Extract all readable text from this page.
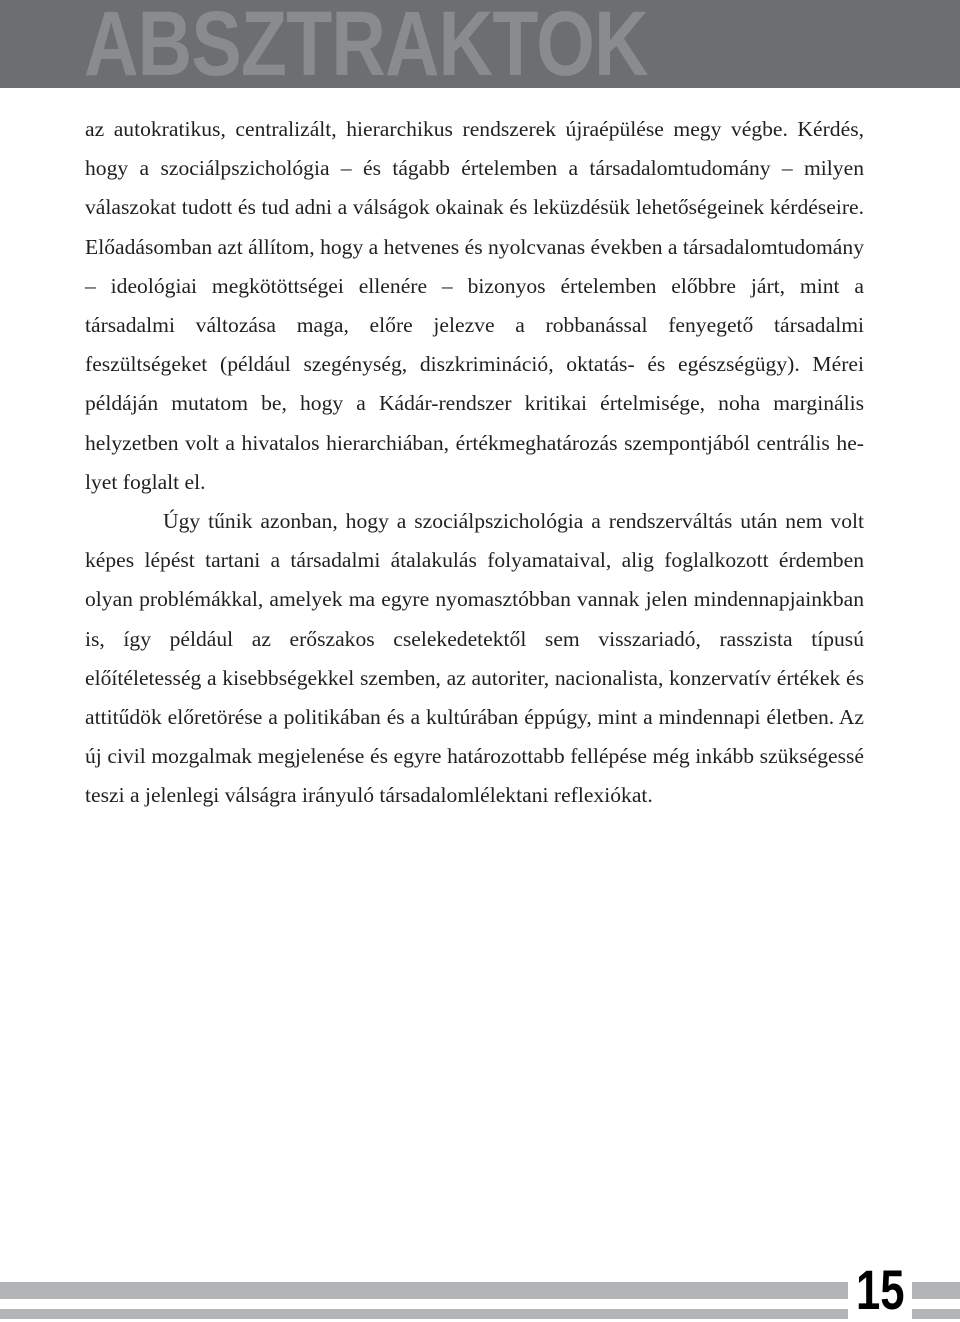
ABSZTRAKTOK

az autokratikus, centralizált, hierarchikus rendszerek újraépülése megy végbe. Kérdés, hogy a szociálpszichológia – és tágabb értelemben a társadalomtudomány – milyen válaszokat tudott és tud adni a válságok okainak és leküzdésük lehetőségeinek kérdéseire. Előadásomban azt állítom, hogy a hetvenes és nyolcvanas években a társadalomtudomány – ideológiai megkötöttségei ellenére – bizonyos értelemben előbbre járt, mint a társadalmi változása maga, előre jelezve a robbanással fenyegető társadalmi feszültségeket (például szegénység, diszkrimináció, oktatás- és egészségügy). Mérei példáján mutatom be, hogy a Kádár-rendszer kritikai értelmisége, noha marginális helyzetben volt a hivatalos hierarchiában, értékmeghatározás szempontjából centrális helyet foglalt el.

Úgy tűnik azonban, hogy a szociálpszichológia a rendszerváltás után nem volt képes lépést tartani a társadalmi átalakulás folyamataival, alig foglalkozott érdemben olyan problémákkal, amelyek ma egyre nyomasztóbban vannak jelen mindennapjainkban is, így például az erőszakos cselekedetektől sem visszariadó, rasszista típusú előítéletesség a kisebbségekkel szemben, az autoriter, nacionalista, konzervatív értékek és attitűdök előretörése a politikában és a kultúrában éppúgy, mint a mindennapi életben. Az új civil mozgalmak megjelenése és egyre határozottabb fellépése még inkább szükségessé teszi a jelenlegi válságra irányuló társadalomlélektani reflexiókat.

15
